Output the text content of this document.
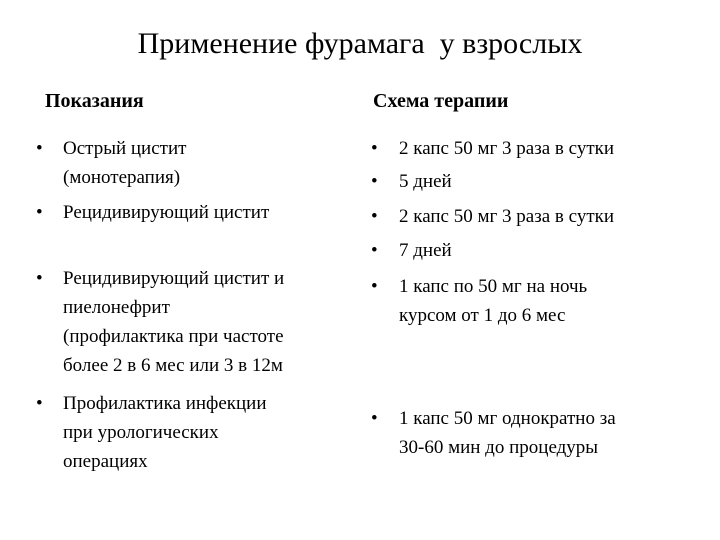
Применение фурамага  у взрослых
Показания	Схема терапии
• Острый цистит
(монотерапия)
• Рецидивирующий цистит
• Рецидивирующий цистит и
пиелонефрит
(профилактика при частоте
более 2 в 6 мес или 3 в 12м
• Профилактика инфекции
при урологических
операциях
• 2 капс 50 мг 3 раза в сутки
• 5 дней
• 2 капс 50 мг 3 раза в сутки
• 7 дней
• 1 капс по 50 мг на ночь
курсом от 1 до 6 мес
• 1 капс 50 мг однократно за
30-60 мин до процедуры
